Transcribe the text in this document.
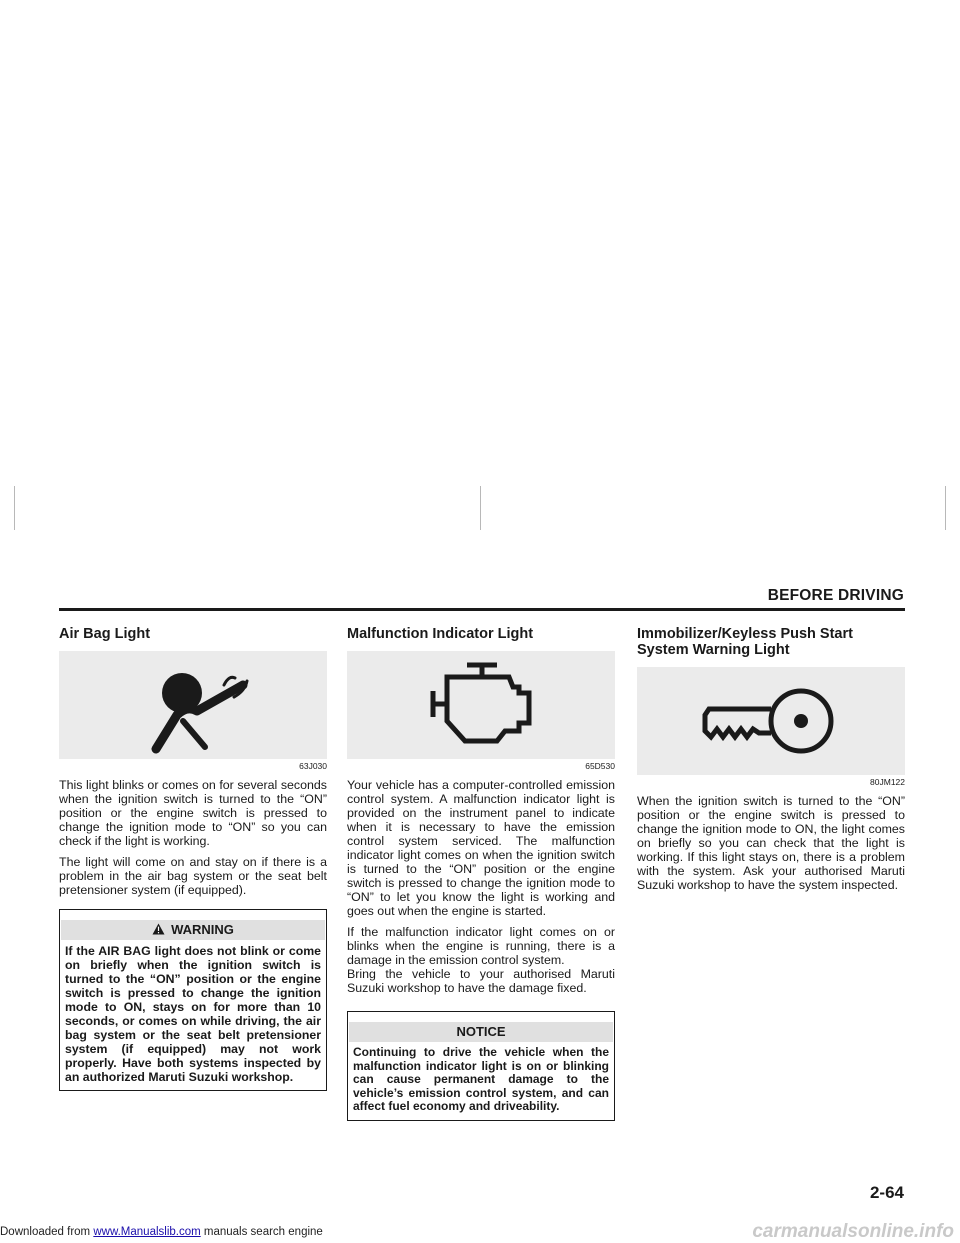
BEFORE DRIVING
Air Bag Light
63J030

This light blinks or comes on for several seconds when the ignition switch is turned to the “ON” position or the engine switch is pressed to change the ignition mode to “ON” so you can check if the light is working.

The light will come on and stay on if there is a problem in the air bag system or the seat belt pretensioner system (if equipped).

WARNING

If the AIR BAG light does not blink or come on briefly when the ignition switch is turned to the “ON” position or the engine switch is pressed to change the ignition mode to ON, stays on for more than 10 seconds, or comes on while driving, the air bag system or the seat belt pretensioner system (if equipped) may not work properly. Have both systems inspected by an authorized Maruti Suzuki workshop.

Malfunction Indicator Light
65D530

Your vehicle has a computer-controlled emission control system. A malfunction indicator light is provided on the instrument panel to indicate when it is necessary to have the emission control system serviced. The malfunction indicator light comes on when the ignition switch is turned to the “ON” position or the engine switch is pressed to change the ignition mode to “ON” to let you know the light is working and goes out when the engine is started.

If the malfunction indicator light comes on or blinks when the engine is running, there is a damage in the emission control system.
Bring the vehicle to your authorised Maruti Suzuki workshop to have the damage fixed.

NOTICE

Continuing to drive the vehicle when the malfunction indicator light is on or blinking can cause permanent damage to the vehicle’s emission control system, and can affect fuel economy and driveability.

Immobilizer/Keyless Push Start System Warning Light
80JM122

When the ignition switch is turned to the “ON” position or the engine switch is pressed to change the ignition mode to ON, the light comes on briefly so you can check that the light is working. If this light stays on, there is a problem with the system. Ask your authorised Maruti Suzuki workshop to have the system inspected.

2-64
Downloaded from www.Manualslib.com manuals search engine	carmanualsonline.info
